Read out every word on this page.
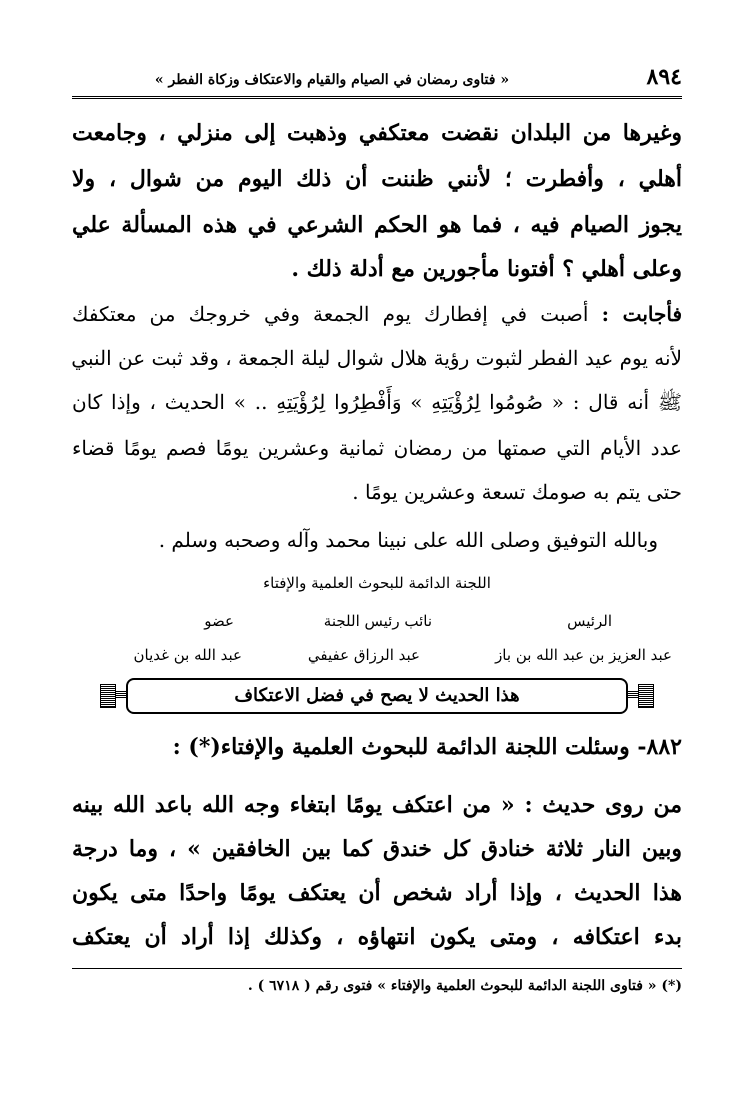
٨٩٤
« فتاوى رمضان في الصيام والقيام والاعتكاف وزكاة الفطر »
وغيرها من البلدان نقضت معتكفي وذهبت إلى منزلي ، وجامعت
أهلي ، وأفطرت ؛ لأنني ظننت أن ذلك اليوم من شوال ، ولا
يجوز الصيام فيه ، فما هو الحكم الشرعي في هذه المسألة علي
وعلى أهلي ؟ أفتونا مأجورين مع أدلة ذلك .
فأجابت : أصبت في إفطارك يوم الجمعة وفي خروجك من معتكفك
لأنه يوم عيد الفطر لثبوت رؤية هلال شوال ليلة الجمعة ، وقد ثبت عن النبي
ﷺ أنه قال : « صُومُوا لِرُؤْيَتِهِ » وَأَفْطِرُوا لِرُؤْيَتِهِ .. » الحديث ، وإذا كان
عدد الأيام التي صمتها من رمضان ثمانية وعشرين يومًا فصم يومًا قضاء
حتى يتم به صومك تسعة وعشرين يومًا .
وبالله التوفيق وصلى الله على نبينا محمد وآله وصحبه وسلم .
اللجنة الدائمة للبحوث العلمية والإفتاء
عضو	نائب رئيس اللجنة	الرئيس
عبد الله بن غديان	عبد الرزاق عفيفي	عبد العزيز بن عبد الله بن باز
هذا الحديث لا يصح في فضل الاعتكاف
٨٨٢- وسئلت اللجنة الدائمة للبحوث العلمية والإفتاء(*) :
من روى حديث : « من اعتكف يومًا ابتغاء وجه الله باعد الله بينه
وبين النار ثلاثة خنادق كل خندق كما بين الخافقين » ، وما درجة
هذا الحديث ، وإذا أراد شخص أن يعتكف يومًا واحدًا متى يكون
بدء اعتكافه ، ومتى يكون انتهاؤه ، وكذلك إذا أراد أن يعتكف
(*) « فتاوى اللجنة الدائمة للبحوث العلمية والإفتاء » فتوى رقم ( ٦٧١٨ ) .
